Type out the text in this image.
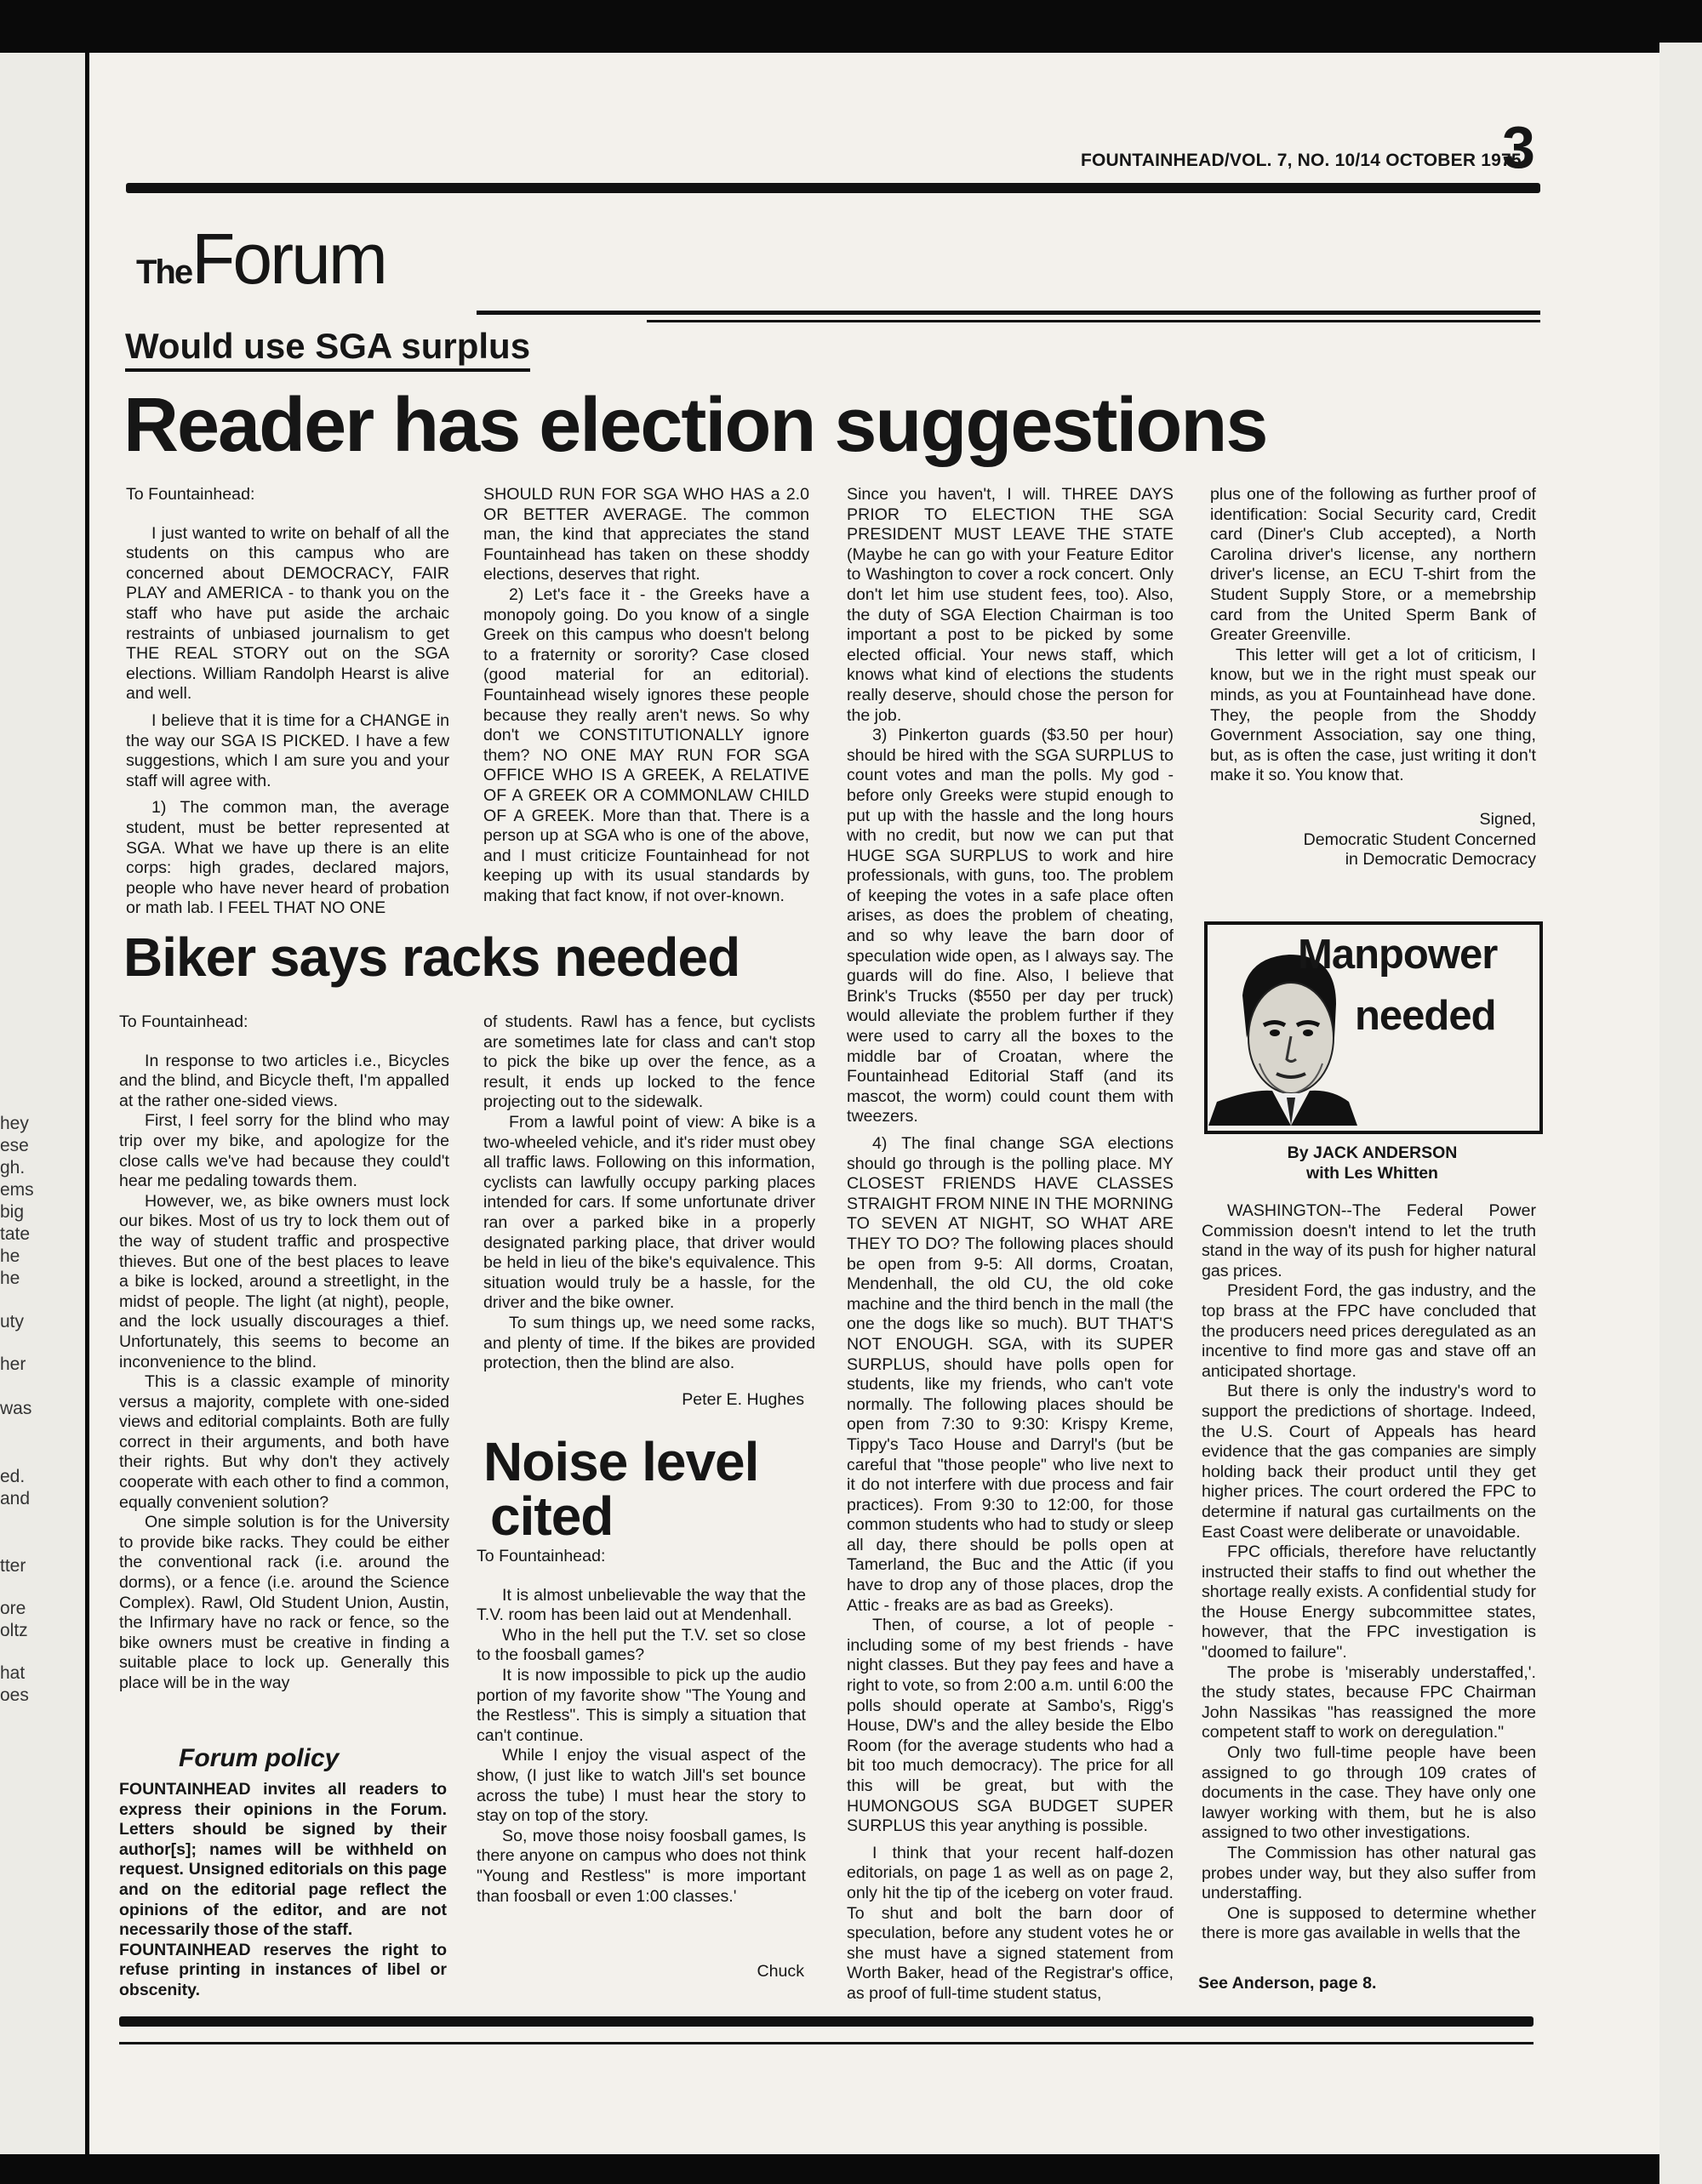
hey
ese
gh.
ems
big
tate
he
he
uty
her
was
ed.
and
tter
ore
oltz
hat
oes
FOUNTAINHEAD/VOL. 7, NO. 10/14 OCTOBER 1975
3
TheForum
Would use SGA surplus
Reader has election suggestions

To Fountainhead:

I just wanted to write on behalf of all the students on this campus who are concerned about DEMOCRACY, FAIR PLAY and AMERICA - to thank you on the staff who have put aside the archaic restraints of unbiased journalism to get THE REAL STORY out on the SGA elections. William Randolph Hearst is alive and well.

I believe that it is time for a CHANGE in the way our SGA IS PICKED. I have a few suggestions, which I am sure you and your staff will agree with.

1) The common man, the average student, must be better represented at SGA. What we have up there is an elite corps: high grades, declared majors, people who have never heard of probation or math lab. I FEEL THAT NO ONE

SHOULD RUN FOR SGA WHO HAS a 2.0 OR BETTER AVERAGE. The common man, the kind that appreciates the stand Fountainhead has taken on these shoddy elections, deserves that right.

2) Let's face it - the Greeks have a monopoly going. Do you know of a single Greek on this campus who doesn't belong to a fraternity or sorority? Case closed (good material for an editorial). Fountainhead wisely ignores these people because they really aren't news. So why don't we CONSTITUTIONALLY ignore them? NO ONE MAY RUN FOR SGA OFFICE WHO IS A GREEK, A RELATIVE OF A GREEK OR A COMMONLAW CHILD OF A GREEK. More than that. There is a person up at SGA who is one of the above, and I must criticize Fountainhead for not keeping up with its usual standards by making that fact know, if not over-known.

Since you haven't, I will. THREE DAYS PRIOR TO ELECTION THE SGA PRESIDENT MUST LEAVE THE STATE (Maybe he can go with your Feature Editor to Washington to cover a rock concert. Only don't let him use student fees, too). Also, the duty of SGA Election Chairman is too important a post to be picked by some elected official. Your news staff, which knows what kind of elections the students really deserve, should chose the person for the job.

3) Pinkerton guards ($3.50 per hour) should be hired with the SGA SURPLUS to count votes and man the polls. My god - before only Greeks were stupid enough to put up with the hassle and the long hours with no credit, but now we can put that HUGE SGA SURPLUS to work and hire professionals, with guns, too. The problem of keeping the votes in a safe place often arises, as does the problem of cheating, and so why leave the barn door of speculation wide open, as I always say. The guards will do fine. Also, I believe that Brink's Trucks ($550 per day per truck) would alleviate the problem further if they were used to carry all the boxes to the middle bar of Croatan, where the Fountainhead Editorial Staff (and its mascot, the worm) could count them with tweezers.

4) The final change SGA elections should go through is the polling place. MY CLOSEST FRIENDS HAVE CLASSES STRAIGHT FROM NINE IN THE MORNING TO SEVEN AT NIGHT, SO WHAT ARE THEY TO DO? The following places should be open from 9-5: All dorms, Croatan, Mendenhall, the old CU, the old coke machine and the third bench in the mall (the one the dogs like so much). BUT THAT'S NOT ENOUGH. SGA, with its SUPER SURPLUS, should have polls open for students, like my friends, who can't vote normally. The following places should be open from 7:30 to 9:30: Krispy Kreme, Tippy's Taco House and Darryl's (but be careful that "those people" who live next to it do not interfere with due process and fair practices). From 9:30 to 12:00, for those common students who had to study or sleep all day, there should be polls open at Tamerland, the Buc and the Attic (if you have to drop any of those places, drop the Attic - freaks are as bad as Greeks).

Then, of course, a lot of people - including some of my best friends - have night classes. But they pay fees and have a right to vote, so from 2:00 a.m. until 6:00 the polls should operate at Sambo's, Rigg's House, DW's and the alley beside the Elbo Room (for the average students who had a bit too much democracy). The price for all this will be great, but with the HUMONGOUS SGA BUDGET SUPER SURPLUS this year anything is possible.

I think that your recent half-dozen editorials, on page 1 as well as on page 2, only hit the tip of the iceberg on voter fraud. To shut and bolt the barn door of speculation, before any student votes he or she must have a signed statement from Worth Baker, head of the Registrar's office, as proof of full-time student status,

plus one of the following as further proof of identification: Social Security card, Credit card (Diner's Club accepted), a North Carolina driver's license, any northern driver's license, an ECU T-shirt from the Student Supply Store, or a memebrship card from the United Sperm Bank of Greater Greenville.

This letter will get a lot of criticism, I know, but we in the right must speak our minds, as you at Fountainhead have done. They, the people from the Shoddy Government Association, say one thing, but, as is often the case, just writing it don't make it so. You know that.

Signed,
Democratic Student Concerned
in Democratic Democracy
Biker says racks needed

To Fountainhead:

In response to two articles i.e., Bicycles and the blind, and Bicycle theft, I'm appalled at the rather one-sided views.

First, I feel sorry for the blind who may trip over my bike, and apologize for the close calls we've had because they could't hear me pedaling towards them.

However, we, as bike owners must lock our bikes. Most of us try to lock them out of the way of student traffic and prospective thieves. But one of the best places to leave a bike is locked, around a streetlight, in the midst of people. The light (at night), people, and the lock usually discourages a thief. Unfortunately, this seems to become an inconvenience to the blind.

This is a classic example of minority versus a majority, complete with one-sided views and editorial complaints. Both are fully correct in their arguments, and both have their rights. But why don't they actively cooperate with each other to find a common, equally convenient solution?

One simple solution is for the University to provide bike racks. They could be either the conventional rack (i.e. around the dorms), or a fence (i.e. around the Science Complex). Rawl, Old Student Union, Austin, the Infirmary have no rack or fence, so the bike owners must be creative in finding a suitable place to lock up. Generally this place will be in the way

of students. Rawl has a fence, but cyclists are sometimes late for class and can't stop to pick the bike up over the fence, as a result, it ends up locked to the fence projecting out to the sidewalk.

From a lawful point of view: A bike is a two-wheeled vehicle, and it's rider must obey all traffic laws. Following on this information, cyclists can lawfully occupy parking places intended for cars. If some unfortunate driver ran over a parked bike in a properly designated parking place, that driver would be held in lieu of the bike's equivalence. This situation would truly be a hassle, for the driver and the bike owner.

To sum things up, we need some racks, and plenty of time. If the bikes are provided protection, then the blind are also.

Peter E. Hughes
Noise level
cited

To Fountainhead:

It is almost unbelievable the way that the T.V. room has been laid out at Mendenhall.

Who in the hell put the T.V. set so close to the foosball games?

It is now impossible to pick up the audio portion of my favorite show "The Young and the Restless". This is simply a situation that can't continue.

While I enjoy the visual aspect of the show, (I just like to watch Jill's set bounce across the tube) I must hear the story to stay on top of the story.

So, move those noisy foosball games, Is there anyone on campus who does not think "Young and Restless" is more important than foosball or even 1:00 classes.'

Chuck
Forum policy

FOUNTAINHEAD invites all readers to express their opinions in the Forum. Letters should be signed by their author[s]; names will be withheld on request. Unsigned editorials on this page and on the editorial page reflect the opinions of the editor, and are not necessarily those of the staff.

FOUNTAINHEAD reserves the right to refuse printing in instances of libel or obscenity.

Manpower
needed
By JACK ANDERSON
with Les Whitten

WASHINGTON--The Federal Power Commission doesn't intend to let the truth stand in the way of its push for higher natural gas prices.

President Ford, the gas industry, and the top brass at the FPC have concluded that the producers need prices deregulated as an incentive to find more gas and stave off an anticipated shortage.

But there is only the industry's word to support the predictions of shortage. Indeed, the U.S. Court of Appeals has heard evidence that the gas companies are simply holding back their product until they get higher prices. The court ordered the FPC to determine if natural gas curtailments on the East Coast were deliberate or unavoidable.

FPC officials, therefore have reluctantly instructed their staffs to find out whether the shortage really exists. A confidential study for the House Energy subcommittee states, however, that the FPC investigation is "doomed to failure".

The probe is 'miserably understaffed,'. the study states, because FPC Chairman John Nassikas "has reassigned the more competent staff to work on deregulation."

Only two full-time people have been assigned to go through 109 crates of documents in the case. They have only one lawyer working with them, but he is also assigned to two other investigations.

The Commission has other natural gas probes under way, but they also suffer from understaffing.

One is supposed to determine whether there is more gas available in wells that the

See Anderson, page 8.
